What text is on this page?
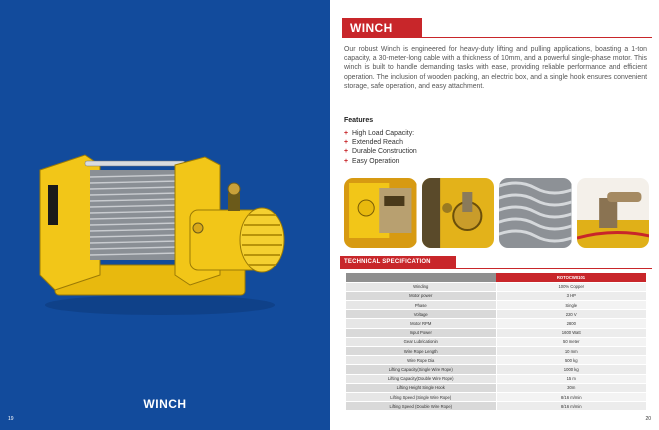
WINCH
19
WINCH

Our robust Winch is engineered for heavy-duty lifting and pulling applications, boasting a 1-ton capacity, a 30-meter-long cable with a thickness of 10mm, and a powerful single-phase motor. This winch is built to handle demanding tasks with ease, providing reliable performance and efficient operation. The inclusion of wooden packing, an electric box, and a single hook ensures convenient storage, safe operation, and easy attachment.

Features
+ High Load Capacity:
+ Extended Reach
+ Durable Construction
+ Easy Operation
TECHNICAL SPECIFICATION
	ROTOCW0101
Winding	100% Copper
Motor power	3 HP
Phase	Single
Voltage	220 V
Motor RPM	2800
Input Power	1600 Watt
Gear Lubricationin	50 meter
Wire Rope Length	10 mm
Wire Rope Dia	500 kg
Lifting Capacity(Single Wire Rope)	1000 kg
Lifting Capacity(Double Wire Rope)	15 m
Lifting Height Single Hook	30m
Lifting Speed (Single Wire Rope)	8/16 m/min
Lifting Speed (Double Wire Rope)	8/16 m/min
20
